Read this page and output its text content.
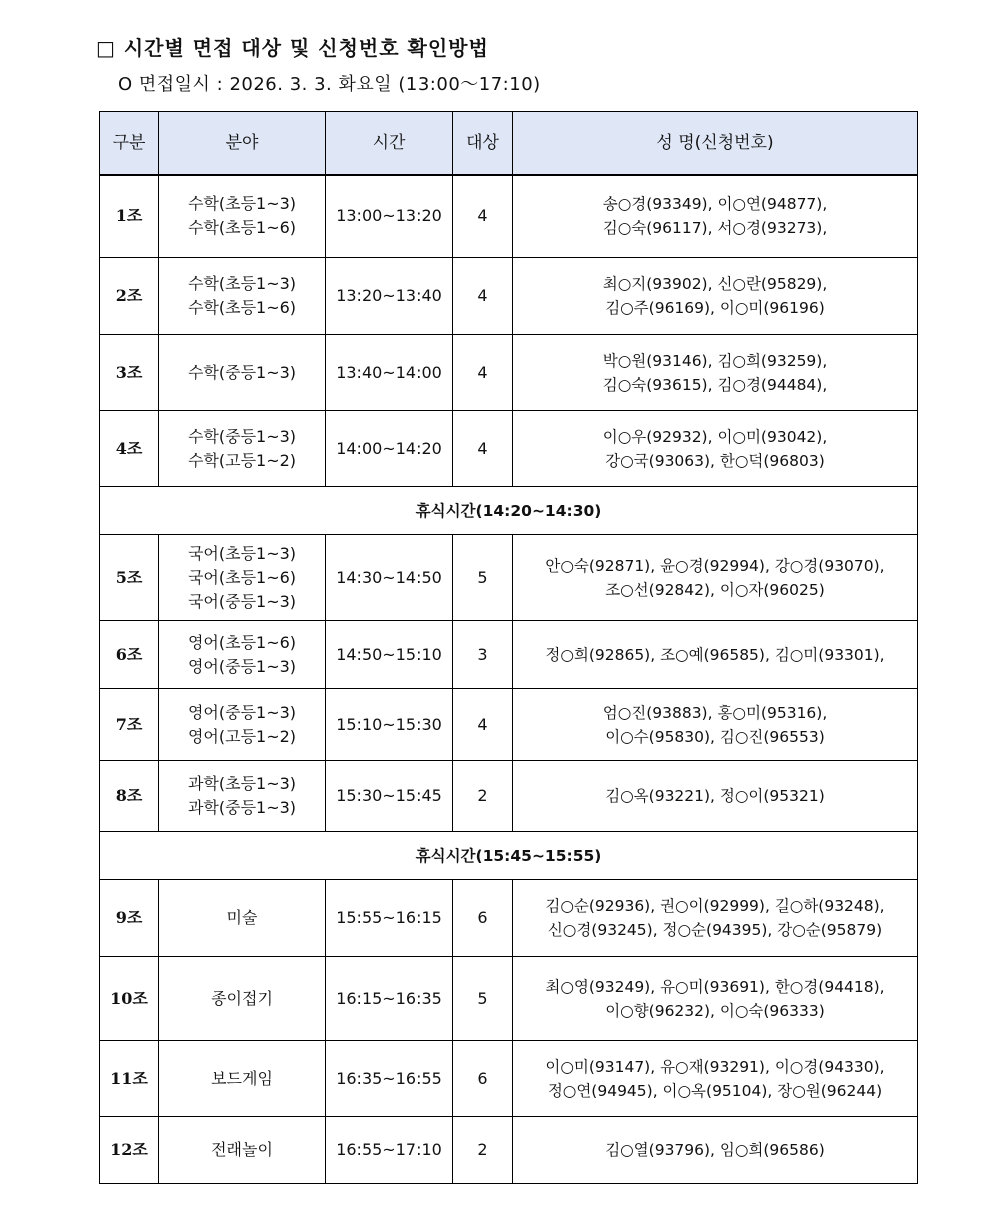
□ 시간별 면접 대상 및 신청번호 확인방법
O 면접일시 : 2026. 3. 3. 화요일 (13:00～17:10)
구분	분야	시간	대상	성 명(신청번호)
1조	수학(초등1~3)
수학(초등1~6)	13:00~13:20	4	송○경(93349), 이○연(94877),
김○숙(96117), 서○경(93273),

2조	수학(초등1~3)
수학(초등1~6)	13:20~13:40	4	최○지(93902), 신○란(95829),
김○주(96169), 이○미(96196)

3조	수학(중등1~3)	13:40~14:00	4	박○원(93146), 김○희(93259),
김○숙(93615), 김○경(94484),

4조	수학(중등1~3)
수학(고등1~2)	14:00~14:20	4	이○우(92932), 이○미(93042),
강○국(93063), 한○덕(96803)

휴식시간(14:20~14:30)				
5조	국어(초등1~3)
국어(초등1~6)
국어(중등1~3)	14:30~14:50	5	안○숙(92871), 윤○경(92994), 강○경(93070),
조○선(92842), 이○자(96025)

6조	영어(초등1~6)
영어(중등1~3)	14:50~15:10	3	정○희(92865), 조○예(96585), 김○미(93301),

7조	영어(중등1~3)
영어(고등1~2)	15:10~15:30	4	엄○진(93883), 홍○미(95316),
이○수(95830), 김○진(96553)

8조	과학(초등1~3)
과학(중등1~3)	15:30~15:45	2	김○옥(93221), 정○이(95321)

휴식시간(15:45~15:55)				
9조	미술	15:55~16:15	6	김○순(92936), 권○이(92999), 길○하(93248),
신○경(93245), 정○순(94395), 강○순(95879)

10조	종이접기	16:15~16:35	5	최○영(93249), 유○미(93691), 한○경(94418),
이○향(96232), 이○숙(96333)

11조	보드게임	16:35~16:55	6	이○미(93147), 유○재(93291), 이○경(94330),
정○연(94945), 이○옥(95104), 장○원(96244)

12조	전래놀이	16:55~17:10	2	김○열(93796), 임○희(96586)
